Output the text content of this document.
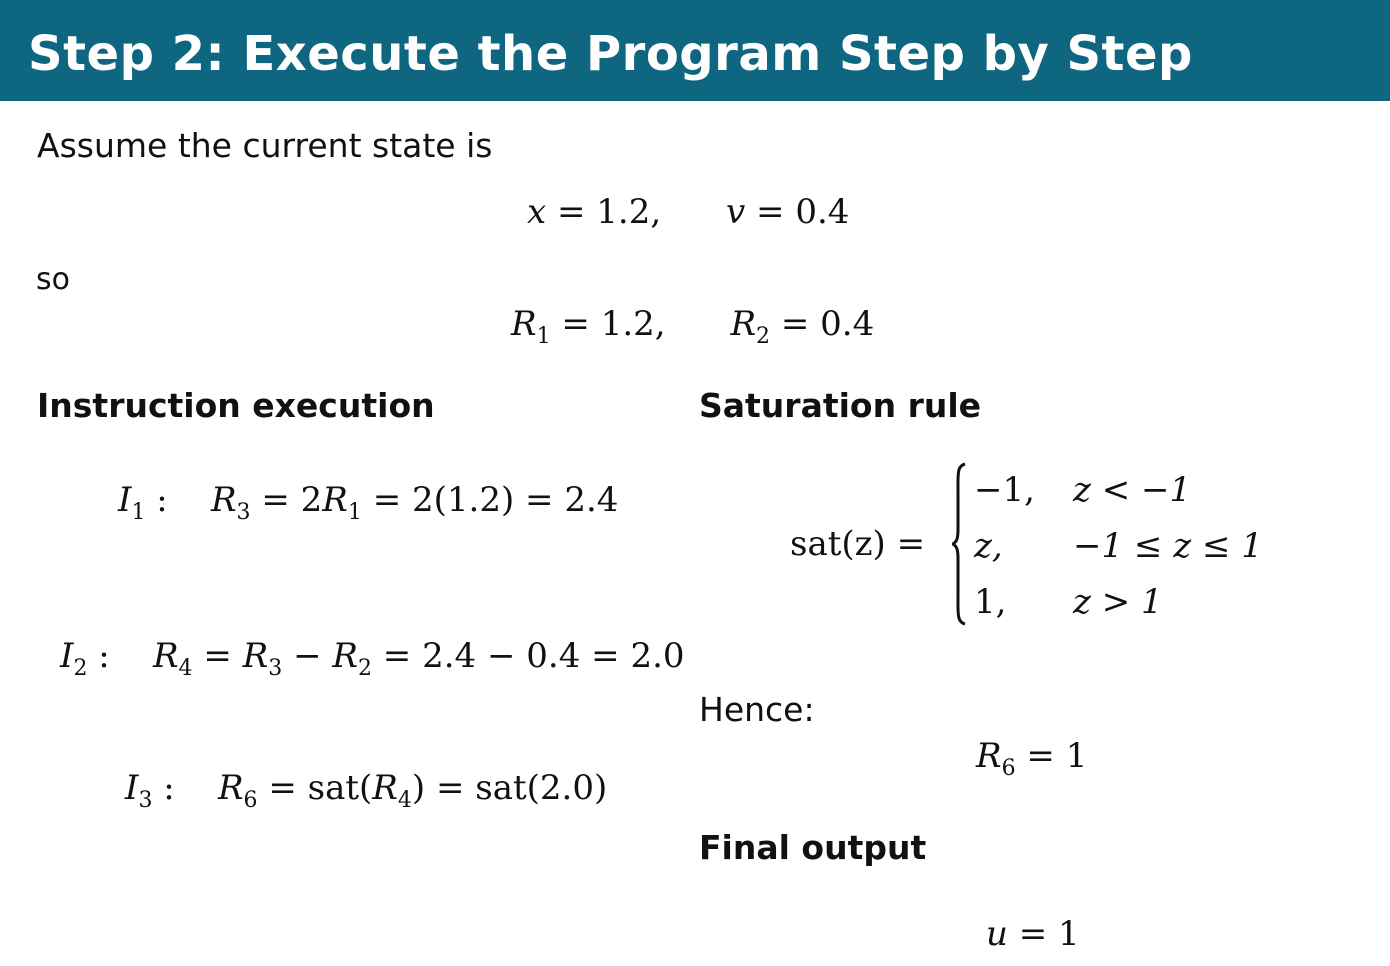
Step 2: Execute the Program Step by Step
Assume the current state is
x = 1.2,      v = 0.4
so
$R_1 = 1.2$,      $R_2 = 0.4$
Instruction execution
$I_1$ :    $R_3 = 2R_1 = 2(1.2) = 2.4$
$I_2$ :    $R_4 = R_3 - R_2 = 2.4 - 0.4 = 2.0$
$I_3$ :    $R_6 = sat(R_4) = sat(2.0)$
Saturation rule
sat(z) =
−1, z < −1
z, −1 ≤ z ≤ 1
1, z > 1
Hence:
$R_6 = 1$
Final output
u = 1
